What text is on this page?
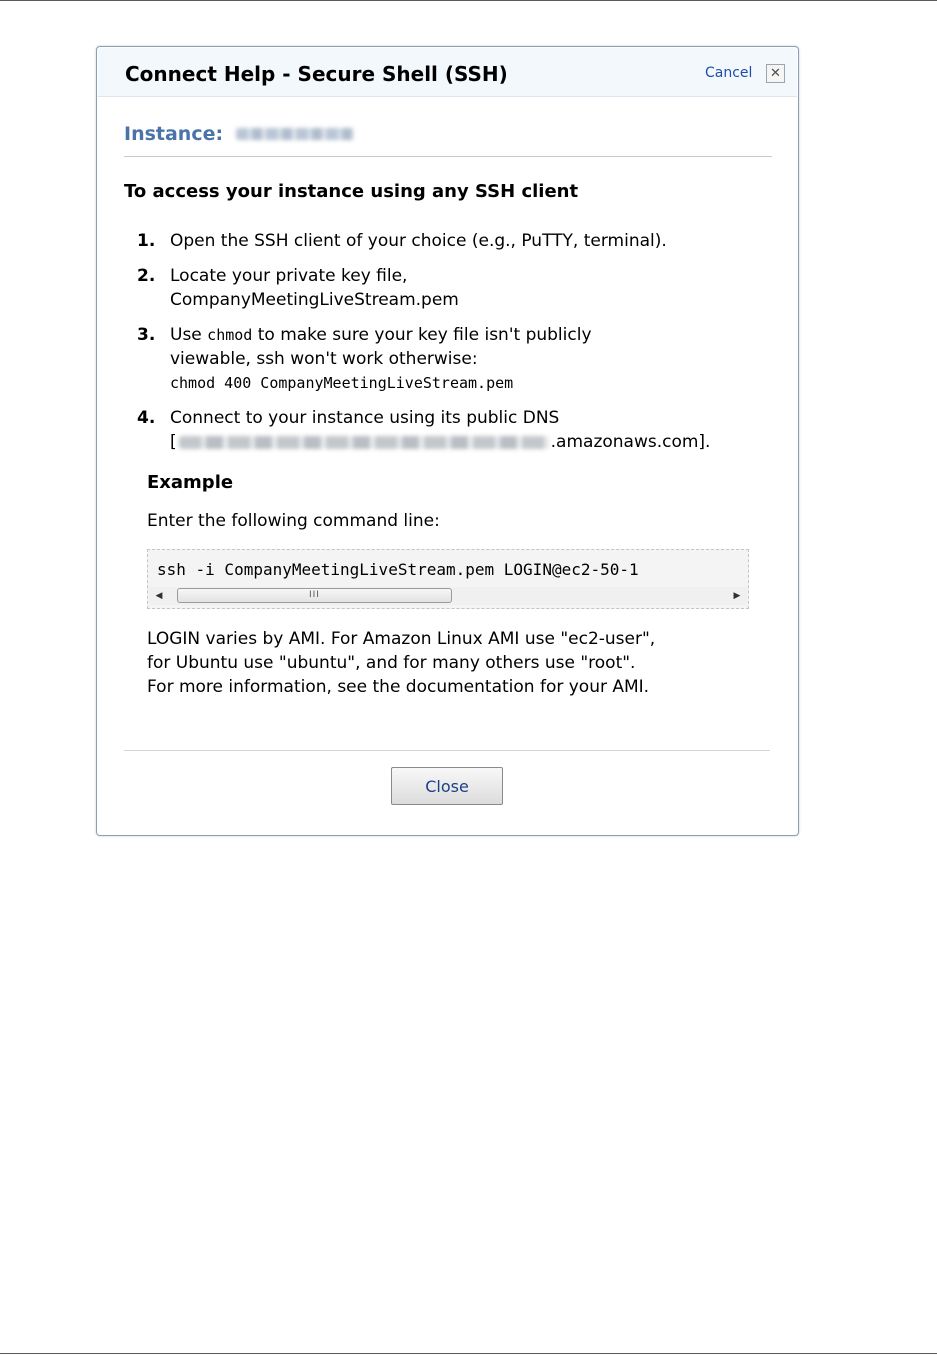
Connect Help - Secure Shell (SSH)	Cancel	✕
Instance:
To access your instance using any SSH client
1. Open the SSH client of your choice (e.g., PuTTY, terminal).
2. Locate your private key file,
CompanyMeetingLiveStream.pem
3. Use chmod to make sure your key file isn't publicly
viewable, ssh won't work otherwise:
chmod 400 CompanyMeetingLiveStream.pem
4. Connect to your instance using its public DNS
[	.amazonaws.com].
Example
Enter the following command line:
ssh -i CompanyMeetingLiveStream.pem LOGIN@ec2-50-1
◀	III	▶
LOGIN varies by AMI. For Amazon Linux AMI use "ec2-user",
for Ubuntu use "ubuntu", and for many others use "root".
For more information, see the documentation for your AMI.
Close
